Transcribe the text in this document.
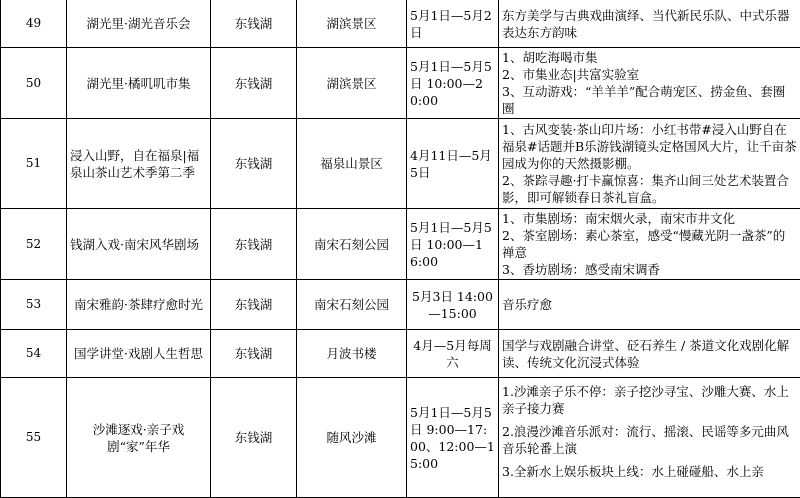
49	湖光里·湖光音乐会	东钱湖	湖滨景区	5月1日—5月2日	东方美学与古典戏曲演绎、当代新民乐队、中式乐器表达东方韵味

50	湖光里·橘叽叽市集	东钱湖	湖滨景区	5月1日—5月5日 10:00—20:00	1、胡吃海喝市集
2、市集业态|共富实验室
3、互动游戏：“羊羊羊”配合萌宠区、捞金鱼、套圈圈

51	浸入山野，自在福泉|福泉山茶山艺术季第二季	东钱湖	福泉山景区	4月11日—5月5日	1、古风变装·茶山印片场：小红书带#浸入山野自在福泉#话题并B乐游钱湖镜头定格国风大片，让千亩茶园成为你的天然摄影棚。
2、茶踪寻趣·打卡赢惊喜：集齐山间三处艺术装置合影，即可解锁春日茶礼盲盒。

52	钱湖入戏·南宋风华剧场	东钱湖	南宋石刻公园	5月1日—5月5日 10:00—16:00	1、市集剧场：南宋烟火录，南宋市井文化
2、茶室剧场：素心茶室，感受“慢藏光阴一盏茶”的禅意
3、香坊剧场：感受南宋调香

53	南宋雅韵·茶肆疗愈时光	东钱湖	南宋石刻公园	5月3日 14:00—15:00	音乐疗愈

54	国学讲堂·戏剧人生哲思	东钱湖	月波书楼	4月—5月每周六	国学与戏剧融合讲堂、砭石养生 / 茶道文化戏剧化解读、传统文化沉浸式体验

55	沙滩逐戏·亲子戏剧“家”年华	东钱湖	随风沙滩	5月1日—5月5日 9:00—17:00、12:00—15:00	1.沙滩亲子乐不停：亲子挖沙寻宝、沙雕大赛、水上亲子接力赛
2.浪漫沙滩音乐派对：流行、摇滚、民谣等多元曲风音乐轮番上演
3.全新水上娱乐板块上线：水上碰碰船、水上亲
